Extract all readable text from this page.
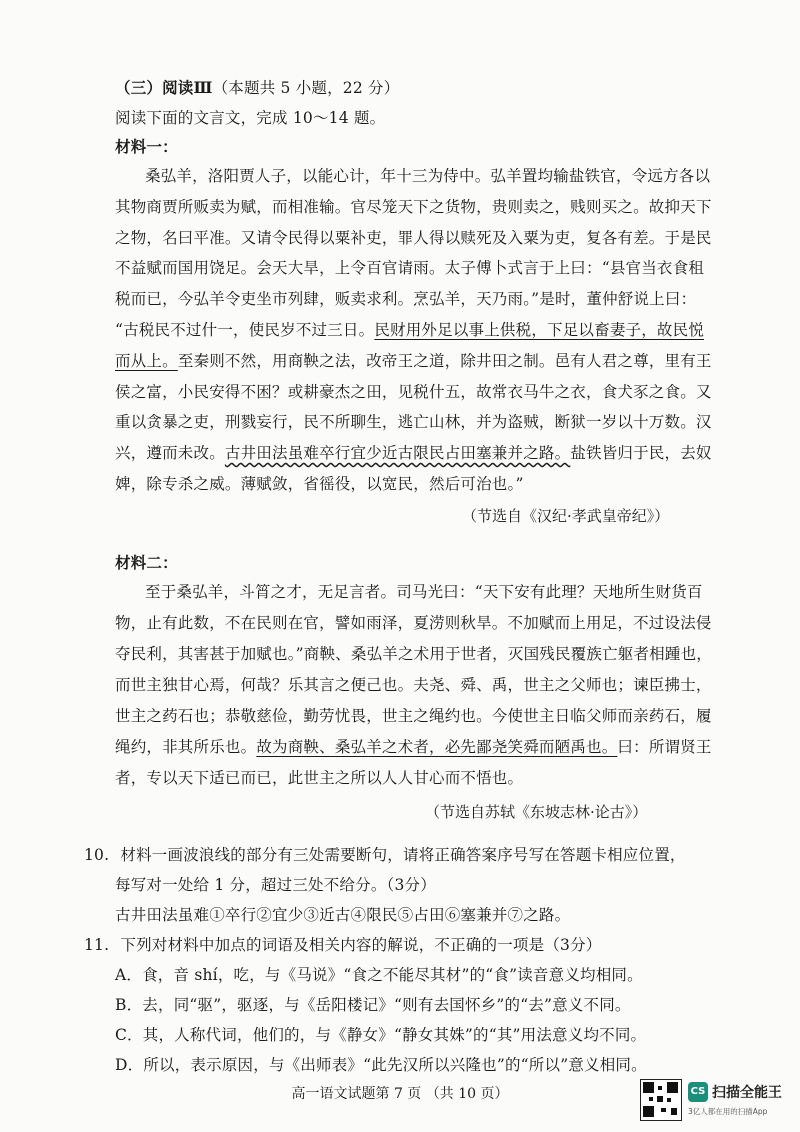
（三）阅读Ⅲ（本题共 5 小题，22 分）
阅读下面的文言文，完成 10～14 题。
材料一：
桑弘羊，洛阳贾人子，以能心计，年十三为侍中。弘羊置均输盐铁官，令远方各以
其物商贾所贩卖为赋，而相准输。官尽笼天下之货物，贵则卖之，贱则买之。故抑天下
之物，名曰平准。又请令民得以粟补吏，罪人得以赎死及入粟为吏，复各有差。于是民
不益赋而国用饶足。会天大旱，上令百官请雨。太子傅卜式言于上曰：“县官当衣食租
税而已，今弘羊令吏坐市列肆，贩卖求利。烹弘羊，天乃雨。”是时，董仲舒说上曰：
“古税民不过什一，使民岁不过三日。民财用外足以事上供税，下足以畜妻子，故民悦
而从上。至秦则不然，用商鞅之法，改帝王之道，除井田之制。邑有人君之尊，里有王
侯之富，小民安得不困？或耕豪杰之田，见税什五，故常衣马牛之衣，食犬豕之食。又
重以贪暴之吏，刑戮妄行，民不所聊生，逃亡山林，并为盗贼，断狱一岁以十万数。汉
兴，遵而未改。古井田法虽难卒行宜少近古限民占田塞兼并之路。盐铁皆归于民，去奴
婢，除专杀之威。薄赋敛，省徭役，以宽民，然后可治也。”
（节选自《汉纪·孝武皇帝纪》）
材料二：
至于桑弘羊，斗筲之才，无足言者。司马光曰：“天下安有此理？天地所生财货百
物，止有此数，不在民则在官，譬如雨泽，夏涝则秋旱。不加赋而上用足，不过设法侵
夺民利，其害甚于加赋也。”商鞅、桑弘羊之术用于世者，灭国残民覆族亡躯者相踵也，
而世主独甘心焉，何哉？乐其言之便己也。夫尧、舜、禹，世主之父师也；谏臣拂士，
世主之药石也；恭敬慈俭，勤劳忧畏，世主之绳约也。今使世主日临父师而亲药石，履
绳约，非其所乐也。故为商鞅、桑弘羊之术者，必先鄙尧笑舜而陋禹也。曰：所谓贤王
者，专以天下适已而已，此世主之所以人人甘心而不悟也。
（节选自苏轼《东坡志林·论古》）
10. 材料一画波浪线的部分有三处需要断句，请将正确答案序号写在答题卡相应位置，
每写对一处给 1 分，超过三处不给分。（3分）
古井田法虽难①卒行②宜少③近古④限民⑤占田⑥塞兼并⑦之路。
11. 下列对材料中加点的词语及相关内容的解说，不正确的一项是（3分）
A．食，音 shí，吃，与《马说》“食之不能尽其材”的“食”读音意义均相同。
B．去，同“驱”，驱逐，与《岳阳楼记》“则有去国怀乡”的“去”意义不同。
C．其，人称代词，他们的，与《静女》“静女其姝”的“其”用法意义均不同。
D．所以，表示原因，与《出师表》“此先汉所以兴隆也”的“所以”意义相同。
高一语文试题第 7 页 （共 10 页）	CS 扫描全能王
3亿人都在用的扫描App
